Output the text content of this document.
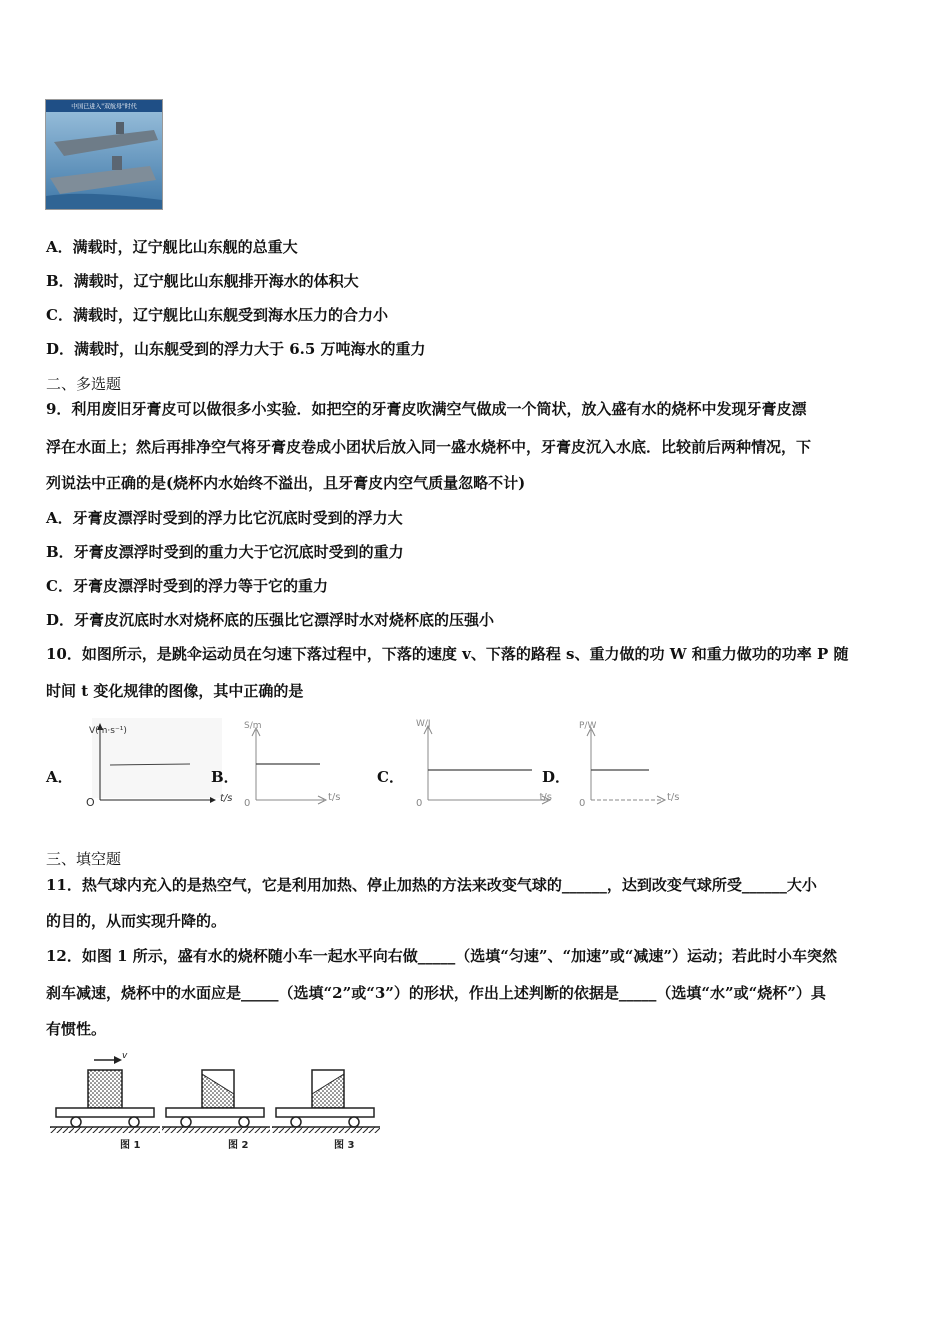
中国已进入"双航母"时代
A．满载时，辽宁舰比山东舰的总重大
B．满载时，辽宁舰比山东舰排开海水的体积大
C．满载时，辽宁舰比山东舰受到海水压力的合力小
D．满载时，山东舰受到的浮力大于 6.5 万吨海水的重力
二、多选题
9．利用废旧牙膏皮可以做很多小实验．如把空的牙膏皮吹满空气做成一个筒状，放入盛有水的烧杯中发现牙膏皮漂
浮在水面上；然后再排净空气将牙膏皮卷成小团状后放入同一盛水烧杯中，牙膏皮沉入水底．比较前后两种情况，下
列说法中正确的是(烧杯内水始终不溢出，且牙膏皮内空气质量忽略不计)
A．牙膏皮漂浮时受到的浮力比它沉底时受到的浮力大
B．牙膏皮漂浮时受到的重力大于它沉底时受到的重力
C．牙膏皮漂浮时受到的浮力等于它的重力
D．牙膏皮沉底时水对烧杯底的压强比它漂浮时水对烧杯底的压强小
10．如图所示，是跳伞运动员在匀速下落过程中，下落的速度 v、下落的路程 s、重力做的功 W 和重力做功的功率 P 随
时间 t 变化规律的图像，其中正确的是
A．
V(m·s⁻¹)
t/s
O
B．
S/m
t/s
0
C．
W/J
t/s
0
D．
P/W
t/s
0
三、填空题
11．热气球内充入的是热空气，它是利用加热、停止加热的方法来改变气球的______，达到改变气球所受______大小
的目的，从而实现升降的。
12．如图 1 所示，盛有水的烧杯随小车一起水平向右做_____（选填“匀速”、“加速”或“减速”）运动；若此时小车突然
刹车减速，烧杯中的水面应是_____（选填“2”或“3”）的形状，作出上述判断的依据是_____（选填“水”或“烧杯”）具
有惯性。
v
图 1	图 2	图 3
